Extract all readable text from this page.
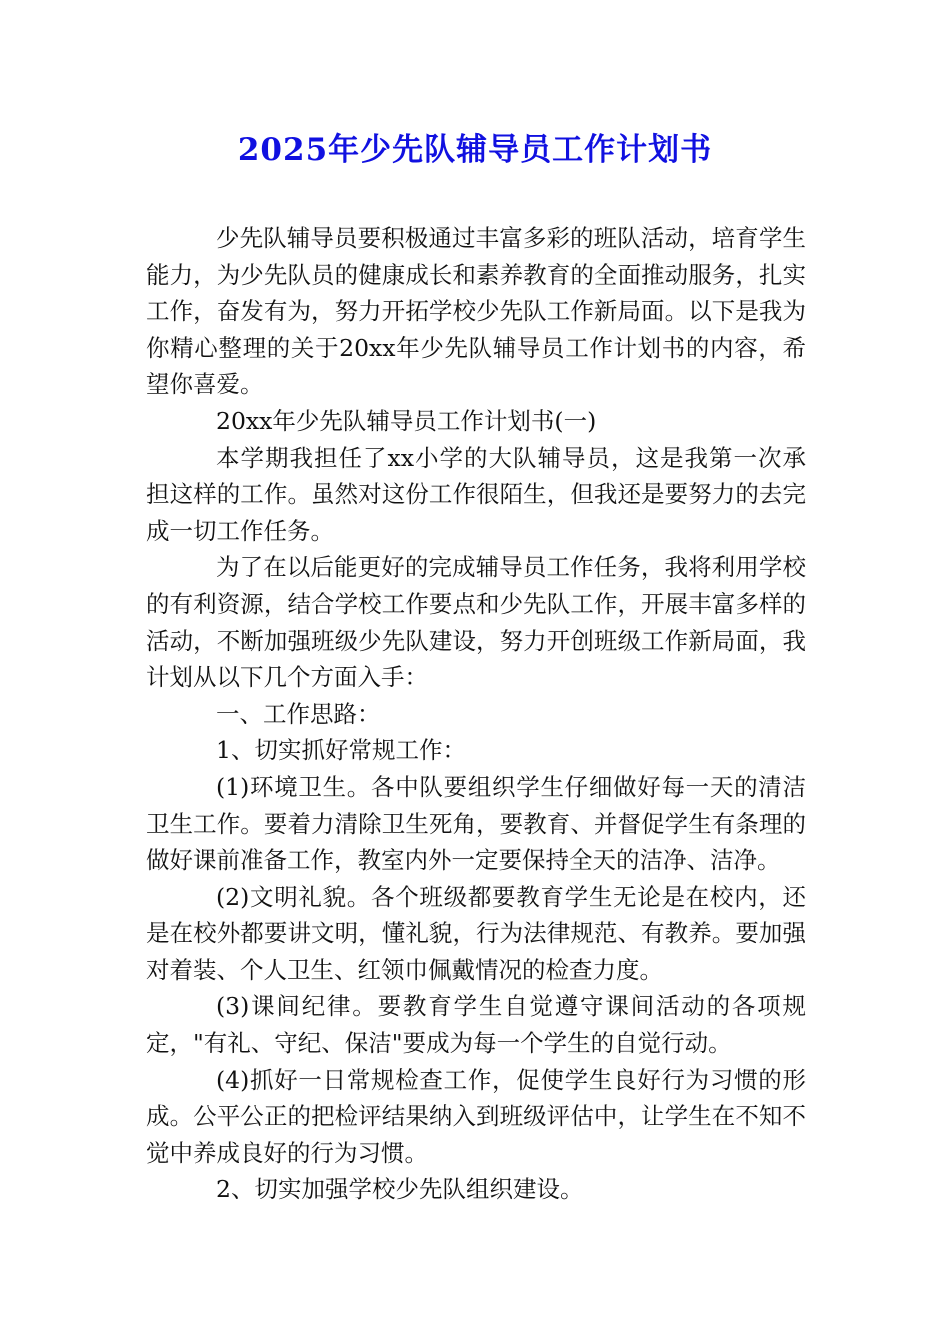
2025年少先队辅导员工作计划书

少先队辅导员要积极通过丰富多彩的班队活动，培育学生能力，为少先队员的健康成长和素养教育的全面推动服务，扎实工作，奋发有为，努力开拓学校少先队工作新局面。以下是我为你精心整理的关于20xx年少先队辅导员工作计划书的内容，希望你喜爱。

20xx年少先队辅导员工作计划书(一)

本学期我担任了xx小学的大队辅导员，这是我第一次承担这样的工作。虽然对这份工作很陌生，但我还是要努力的去完成一切工作任务。

为了在以后能更好的完成辅导员工作任务，我将利用学校的有利资源，结合学校工作要点和少先队工作，开展丰富多样的活动，不断加强班级少先队建设，努力开创班级工作新局面，我计划从以下几个方面入手：

一、工作思路：

1、切实抓好常规工作：

(1)环境卫生。各中队要组织学生仔细做好每一天的清洁卫生工作。要着力清除卫生死角，要教育、并督促学生有条理的做好课前准备工作，教室内外一定要保持全天的洁净、洁净。

(2)文明礼貌。各个班级都要教育学生无论是在校内，还是在校外都要讲文明，懂礼貌，行为法律规范、有教养。要加强对着装、个人卫生、红领巾佩戴情况的检查力度。

(3)课间纪律。要教育学生自觉遵守课间活动的各项规定，"有礼、守纪、保洁"要成为每一个学生的自觉行动。

(4)抓好一日常规检查工作，促使学生良好行为习惯的形成。公平公正的把检评结果纳入到班级评估中，让学生在不知不觉中养成良好的行为习惯。

2、切实加强学校少先队组织建设。
